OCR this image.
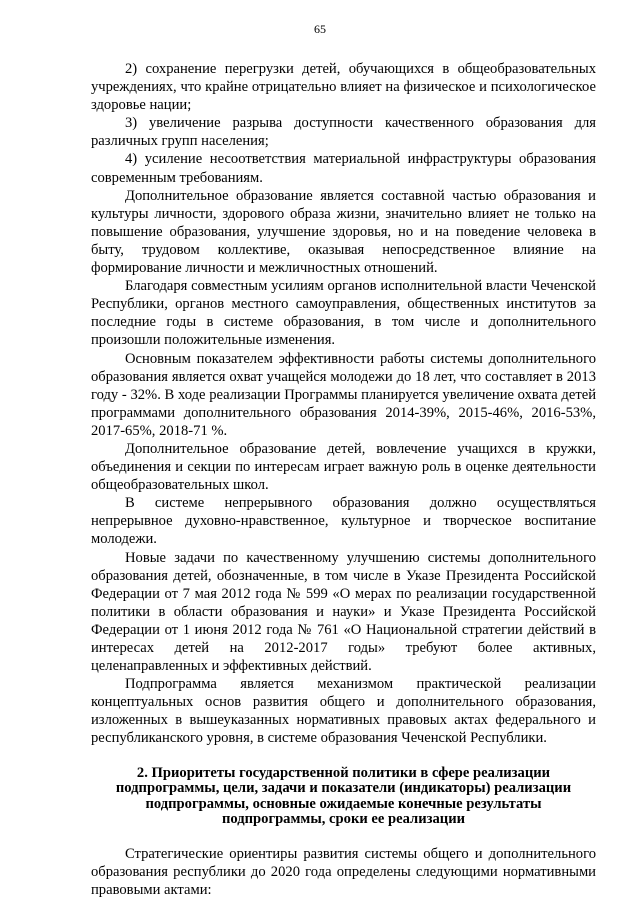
65

2) сохранение перегрузки детей, обучающихся в общеобразовательных учреждениях, что крайне отрицательно влияет на физическое и психологическое здоровье нации;

3) увеличение разрыва доступности качественного образования для различных групп населения;

4) усиление несоответствия материальной инфраструктуры образования современным требованиям.

Дополнительное образование является составной частью образования и культуры личности, здорового образа жизни, значительно влияет не только на повышение образования, улучшение здоровья, но и на поведение человека в быту, трудовом коллективе, оказывая непосредственное влияние на формирование личности и межличностных отношений.

Благодаря совместным усилиям органов исполнительной власти Чеченской Республики, органов местного самоуправления, общественных институтов за последние годы в системе образования, в том числе и дополнительного произошли положительные изменения.

Основным показателем эффективности работы системы дополнительного образования является охват учащейся молодежи до 18 лет, что составляет в 2013 году - 32%. В ходе реализации Программы планируется увеличение охвата детей программами дополнительного образования 2014-39%, 2015-46%, 2016-53%, 2017-65%, 2018-71 %.

Дополнительное образование детей, вовлечение учащихся в кружки, объединения и секции по интересам играет важную роль в оценке деятельности общеобразовательных школ.

В системе непрерывного образования должно осуществляться непрерывное духовно-нравственное, культурное и творческое воспитание молодежи.

Новые задачи по качественному улучшению системы дополнительного образования детей, обозначенные, в том числе в Указе Президента Российской Федерации от 7 мая 2012 года № 599 «О мерах по реализации государственной политики в области образования и науки» и Указе Президента Российской Федерации от 1 июня 2012 года № 761 «О Национальной стратегии действий в интересах детей на 2012-2017 годы» требуют более активных, целенаправленных и эффективных действий.

Подпрограмма является механизмом практической реализации концептуальных основ развития общего и дополнительного образования, изложенных в вышеуказанных нормативных правовых актах федерального и республиканского уровня, в системе образования Чеченской Республики.

2. Приоритеты государственной политики в сфере реализации
подпрограммы, цели, задачи и показатели (индикаторы) реализации
подпрограммы, основные ожидаемые конечные результаты
подпрограммы, сроки ее реализации

Стратегические ориентиры развития системы общего и дополнительного образования республики до 2020 года определены следующими нормативными правовыми актами:
